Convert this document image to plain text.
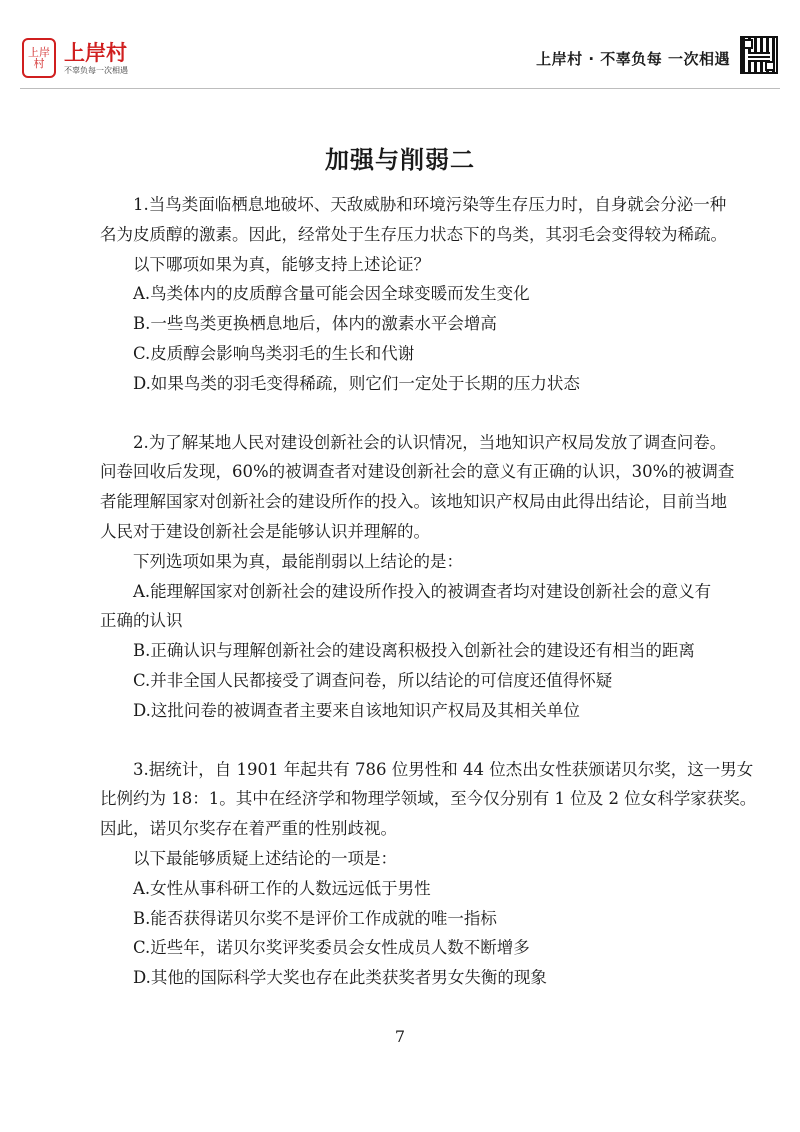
上岸村 上岸村
不辜负每一次相遇
上岸村 · 不辜负每 一次相遇
加强与削弱二
1.当鸟类面临栖息地破坏、天敌威胁和环境污染等生存压力时，自身就会分泌一种
名为皮质醇的激素。因此，经常处于生存压力状态下的鸟类，其羽毛会变得较为稀疏。
以下哪项如果为真，能够支持上述论证？
A.鸟类体内的皮质醇含量可能会因全球变暖而发生变化
B.一些鸟类更换栖息地后，体内的激素水平会增高
C.皮质醇会影响鸟类羽毛的生长和代谢
D.如果鸟类的羽毛变得稀疏，则它们一定处于长期的压力状态
2.为了解某地人民对建设创新社会的认识情况，当地知识产权局发放了调查问卷。
问卷回收后发现，60%的被调查者对建设创新社会的意义有正确的认识，30%的被调查
者能理解国家对创新社会的建设所作的投入。该地知识产权局由此得出结论，目前当地
人民对于建设创新社会是能够认识并理解的。
下列选项如果为真，最能削弱以上结论的是：
A.能理解国家对创新社会的建设所作投入的被调查者均对建设创新社会的意义有
正确的认识
B.正确认识与理解创新社会的建设离积极投入创新社会的建设还有相当的距离
C.并非全国人民都接受了调查问卷，所以结论的可信度还值得怀疑
D.这批问卷的被调查者主要来自该地知识产权局及其相关单位
3.据统计，自 1901 年起共有 786 位男性和 44 位杰出女性获颁诺贝尔奖，这一男女
比例约为 18：1。其中在经济学和物理学领域，至今仅分别有 1 位及 2 位女科学家获奖。
因此，诺贝尔奖存在着严重的性别歧视。
以下最能够质疑上述结论的一项是：
A.女性从事科研工作的人数远远低于男性
B.能否获得诺贝尔奖不是评价工作成就的唯一指标
C.近些年，诺贝尔奖评奖委员会女性成员人数不断增多
D.其他的国际科学大奖也存在此类获奖者男女失衡的现象
7
